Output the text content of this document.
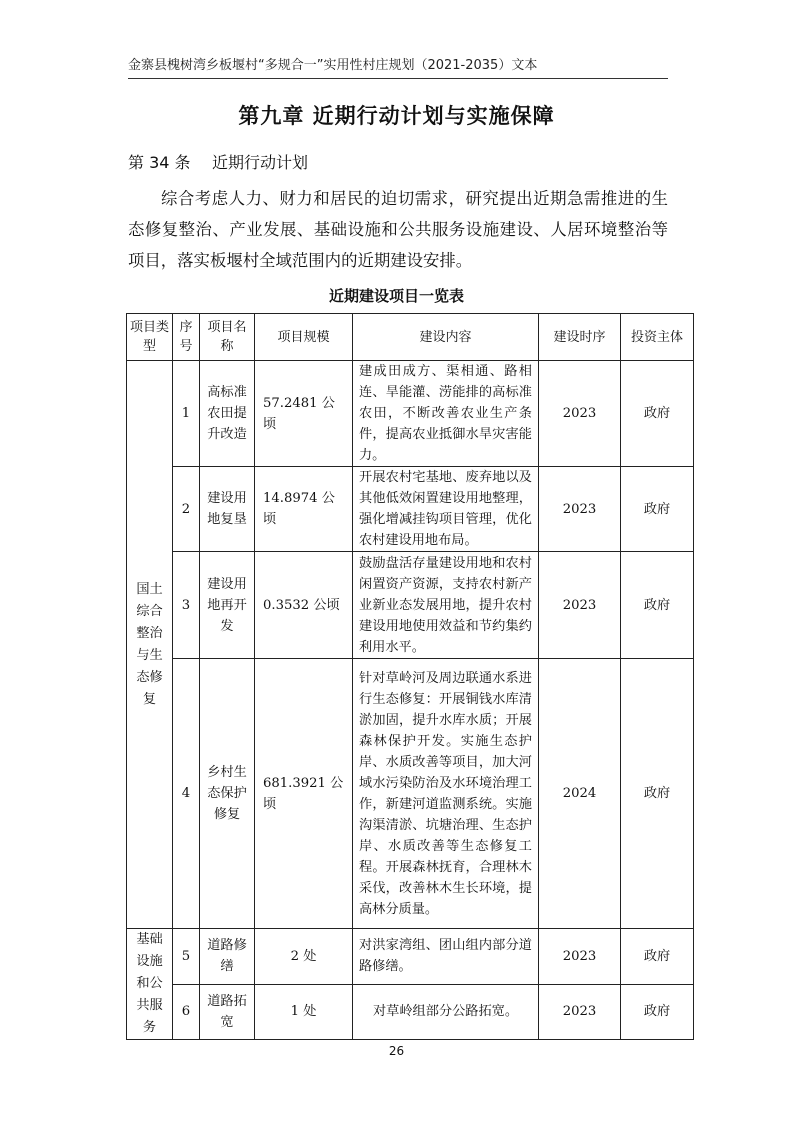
金寨县槐树湾乡板堰村“多规合一”实用性村庄规划（2021-2035）文本
第九章 近期行动计划与实施保障
第 34 条 近期行动计划
综合考虑人力、财力和居民的迫切需求，研究提出近期急需推进的生态修复整治、产业发展、基础设施和公共服务设施建设、人居环境整治等项目，落实板堰村全域范围内的近期建设安排。
近期建设项目一览表
项目类型	序号	项目名称	项目规模	建设内容	建设时序	投资主体
国土综合整治与生态修复	1	高标准农田提升改造	57.2481 公顷	建成田成方、渠相通、路相连、旱能灌、涝能排的高标准农田，不断改善农业生产条件，提高农业抵御水旱灾害能力。	2023	政府
	2	建设用地复垦	14.8974 公顷	开展农村宅基地、废弃地以及其他低效闲置建设用地整理，强化增减挂钩项目管理，优化农村建设用地布局。	2023	政府
	3	建设用地再开发	0.3532 公顷	鼓励盘活存量建设用地和农村闲置资产资源，支持农村新产业新业态发展用地，提升农村建设用地使用效益和节约集约利用水平。	2023	政府
	4	乡村生态保护修复	681.3921 公顷	针对草岭河及周边联通水系进行生态修复：开展铜钱水库清淤加固，提升水库水质；开展森林保护开发。实施生态护岸、水质改善等项目，加大河域水污染防治及水环境治理工作，新建河道监测系统。实施沟渠清淤、坑塘治理、生态护岸、水质改善等生态修复工程。开展森林抚育，合理林木采伐，改善林木生长环境，提高林分质量。	2024	政府
基础设施和公共服务	5	道路修缮	2 处	对洪家湾组、团山组内部分道路修缮。	2023	政府
	6	道路拓宽	1 处	对草岭组部分公路拓宽。	2023	政府
26
